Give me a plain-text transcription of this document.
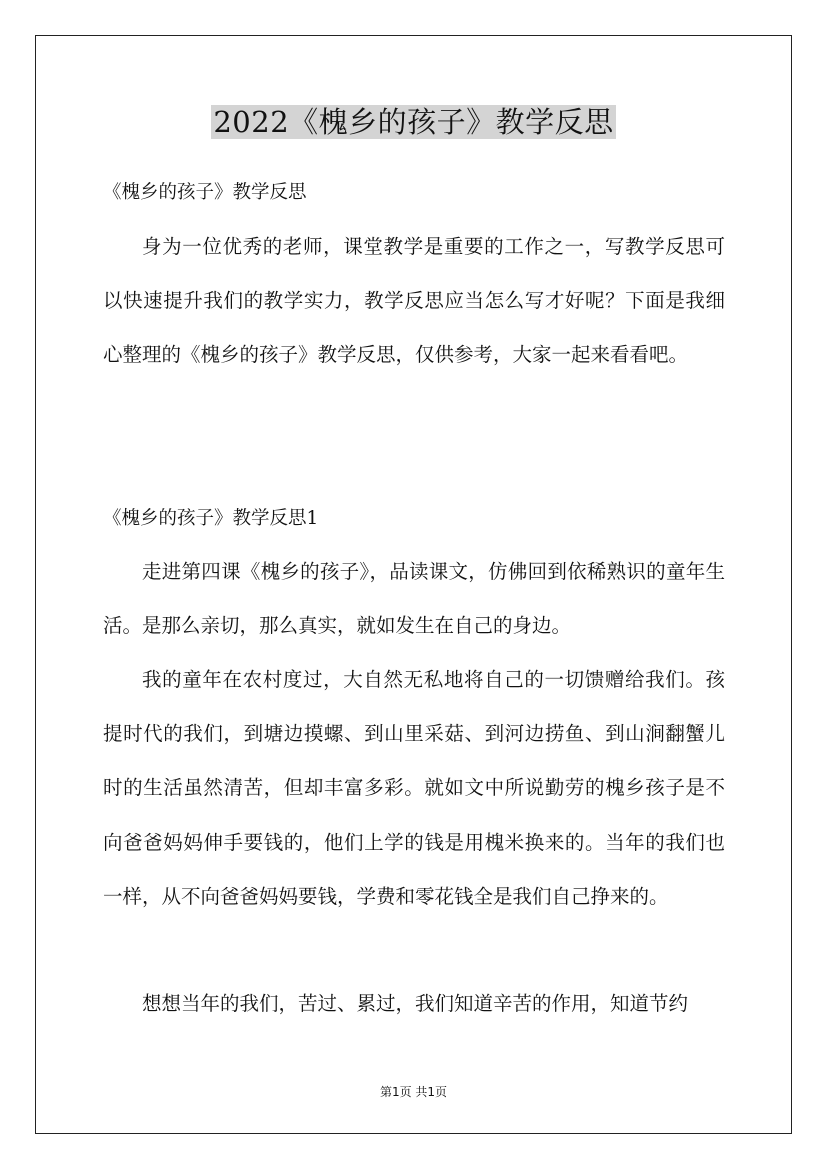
2022《槐乡的孩子》教学反思

《槐乡的孩子》教学反思

身为一位优秀的老师，课堂教学是重要的工作之一，写教学反思可以快速提升我们的教学实力，教学反思应当怎么写才好呢？下面是我细心整理的《槐乡的孩子》教学反思，仅供参考，大家一起来看看吧。

《槐乡的孩子》教学反思1

走进第四课《槐乡的孩子》，品读课文，仿佛回到依稀熟识的童年生活。是那么亲切，那么真实，就如发生在自己的身边。

我的童年在农村度过，大自然无私地将自己的一切馈赠给我们。孩提时代的我们，到塘边摸螺、到山里采菇、到河边捞鱼、到山涧翻蟹儿时的生活虽然清苦，但却丰富多彩。就如文中所说勤劳的槐乡孩子是不向爸爸妈妈伸手要钱的，他们上学的钱是用槐米换来的。当年的我们也一样，从不向爸爸妈妈要钱，学费和零花钱全是我们自己挣来的。

想想当年的我们，苦过、累过，我们知道辛苦的作用，知道节约

第1页 共1页
